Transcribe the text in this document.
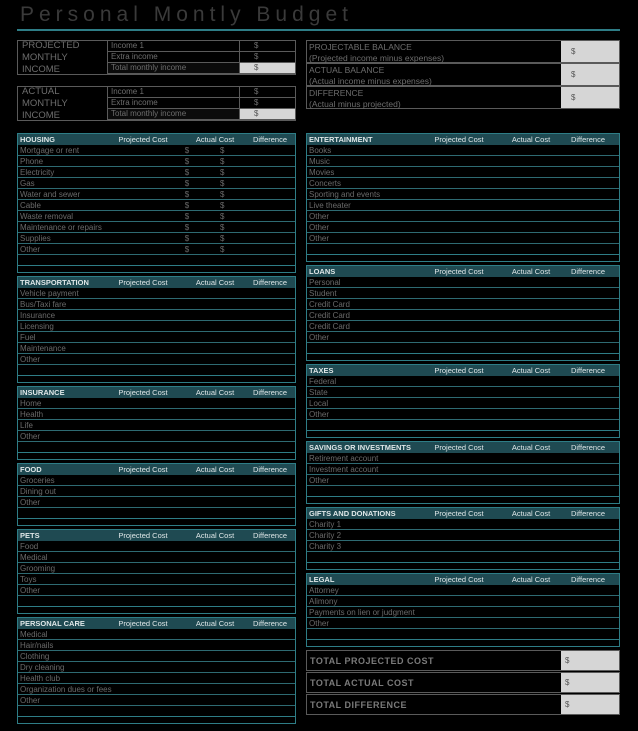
Personal Montly Budget
PROJECTED MONTHLY INCOME
Income 1	$
Extra income	$
Total monthly income	$
ACTUAL MONTHLY INCOME
Income 1	$
Extra income	$
Total monthly income	$
PROJECTABLE BALANCE
(Projected income minus expenses)
$
ACTUAL BALANCE
(Actual income minus expenses)
$
DIFFERENCE
(Actual minus projected)
$
HOUSING	Projected Cost	Actual Cost	Difference
Mortgage or rent	$	$
Phone	$	$
Electricity	$	$
Gas	$	$
Water and sewer	$	$
Cable	$	$
Waste removal	$	$
Maintenance or repairs	$	$
Supplies	$	$
Other	$	$
TRANSPORTATION	Projected Cost	Actual Cost	Difference
Vehicle payment
Bus/Taxi fare
Insurance
Licensing
Fuel
Maintenance
Other
INSURANCE	Projected Cost	Actual Cost	Difference
Home
Health
Life
Other
FOOD	Projected Cost	Actual Cost	Difference
Groceries
Dining out
Other
PETS	Projected Cost	Actual Cost	Difference
Food
Medical
Grooming
Toys
Other
PERSONAL CARE	Projected Cost	Actual Cost	Difference
Medical
Hair/nails
Clothing
Dry cleaning
Health club
Organization dues or fees
Other
ENTERTAINMENT	Projected Cost	Actual Cost	Difference
Books
Music
Movies
Concerts
Sporting and events
Live theater
Other
Other
Other
LOANS	Projected Cost	Actual Cost	Difference
Personal
Student
Credit Card
Credit Card
Credit Card
Other
TAXES	Projected Cost	Actual Cost	Difference
Federal
State
Local
Other
SAVINGS OR INVESTMENTS	Projected Cost	Actual Cost	Difference
Retirement account
Investment account
Other
GIFTS AND DONATIONS	Projected Cost	Actual Cost	Difference
Charity 1
Charity 2
Charity 3
LEGAL	Projected Cost	Actual Cost	Difference
Attorney
Alimony
Payments on lien or judgment
Other
TOTAL PROJECTED COST	$
TOTAL ACTUAL COST	$
TOTAL DIFFERENCE	$
